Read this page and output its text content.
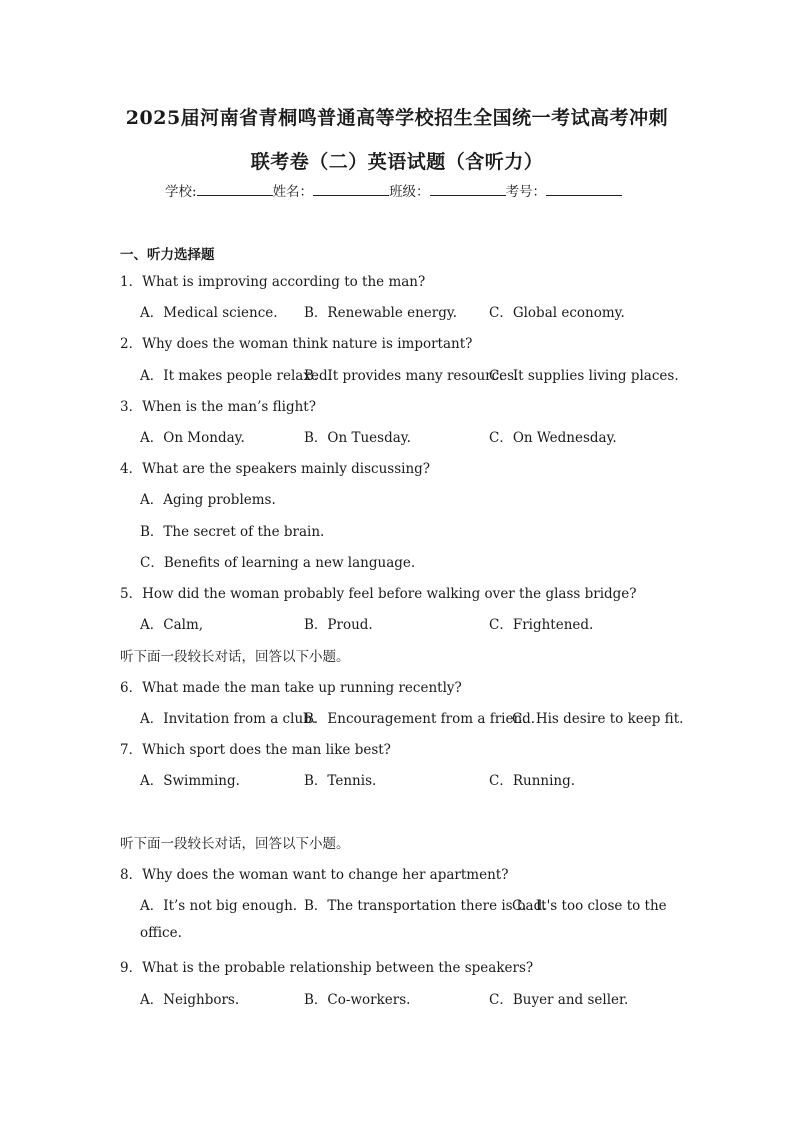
2025届河南省青桐鸣普通高等学校招生全国统一考试高考冲刺
联考卷（二）英语试题（含听力）
学校:	姓名：	班级：	考号：
一、听力选择题
1．What is improving according to the man?
A．Medical science. B．Renewable energy. C．Global economy.
2．Why does the woman think nature is important?
A．It makes people relaxed.
B．It provides many resources.
C．It supplies living places.
3．When is the man’s flight?
A．On Monday.	B．On Tuesday.	C．On Wednesday.
4．What are the speakers mainly discussing?
A．Aging problems.
B．The secret of the brain.
C．Benefits of learning a new language.
5．How did the woman probably feel before walking over the glass bridge?
A．Calm,	B．Proud.	C．Frightened.
听下面一段较长对话，回答以下小题。
6．What made the man take up running recently?
A．Invitation from a club.
B．Encouragement from a friend.
C．His desire to keep fit.
7．Which sport does the man like best?
A．Swimming.	B．Tennis.	C．Running.
听下面一段较长对话，回答以下小题。
8．Why does the woman want to change her apartment?
A．It’s not big enough. B．The transportation there is bad.
C．It's too close to the
office.
9．What is the probable relationship between the speakers?
A．Neighbors.	B．Co-workers.	C．Buyer and seller.
